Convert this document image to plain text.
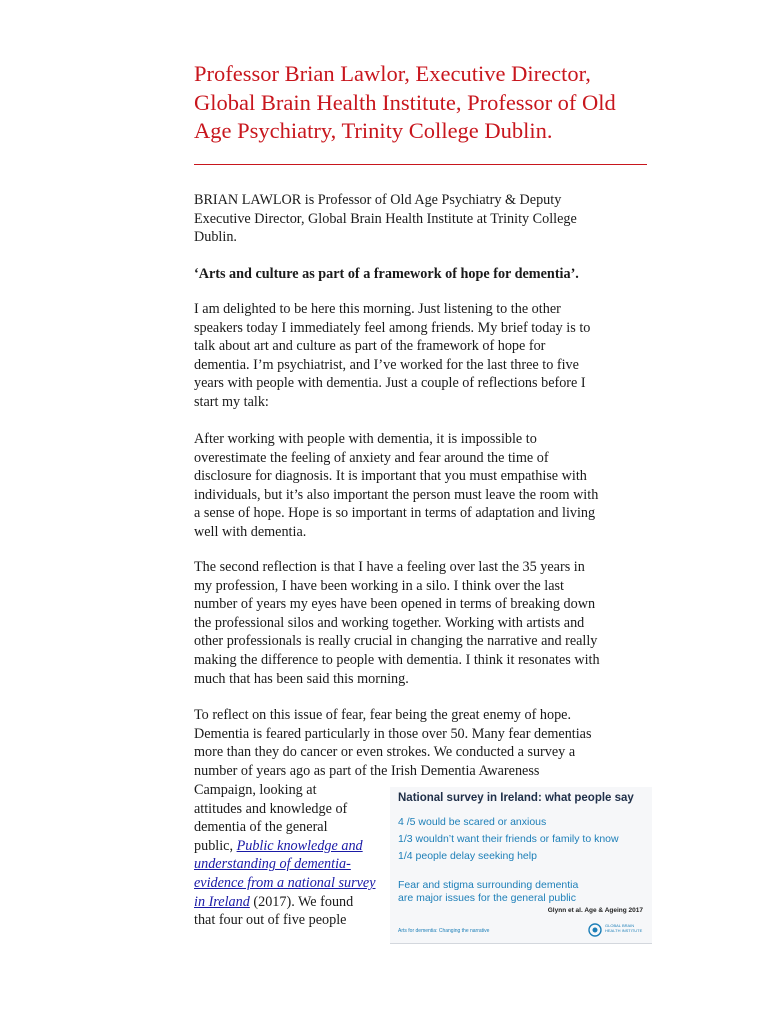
Professor Brian Lawlor, Executive Director,
Global Brain Health Institute, Professor of Old
Age Psychiatry, Trinity College Dublin.

BRIAN LAWLOR is Professor of Old Age Psychiatry & Deputy
Executive Director, Global Brain Health Institute at Trinity College
Dublin.

‘Arts and culture as part of a framework of hope for dementia’.

I am delighted to be here this morning. Just listening to the other
speakers today I immediately feel among friends. My brief today is to
talk about art and culture as part of the framework of hope for
dementia. I’m psychiatrist, and I’ve worked for the last three to five
years with people with dementia. Just a couple of reflections before I
start my talk:

After working with people with dementia, it is impossible to
overestimate the feeling of anxiety and fear around the time of
disclosure for diagnosis. It is important that you must empathise with
individuals, but it’s also important the person must leave the room with
a sense of hope. Hope is so important in terms of adaptation and living
well with dementia.

The second reflection is that I have a feeling over last the 35 years in
my profession, I have been working in a silo. I think over the last
number of years my eyes have been opened in terms of breaking down
the professional silos and working together. Working with artists and
other professionals is really crucial in changing the narrative and really
making the difference to people with dementia. I think it resonates with
much that has been said this morning.

To reflect on this issue of fear, fear being the great enemy of hope.
Dementia is feared particularly in those over 50. Many fear dementias
more than they do cancer or even strokes. We conducted a survey a
number of years ago as part of the Irish Dementia Awareness

Campaign, looking at
attitudes and knowledge of
dementia of the general
public, Public knowledge and
understanding of dementia-
evidence from a national survey
in Ireland (2017). We found
that four out of five people

National survey in Ireland: what people say
4 /5 would be scared or anxious
1/3 wouldn’t want their friends or family to know
1/4 people delay seeking help
Fear and stigma surrounding dementia
are major issues for the general public
Glynn et al. Age & Ageing 2017
Arts for dementia: Changing the narrative
GLOBAL BRAIN HEALTH INSTITUTE
